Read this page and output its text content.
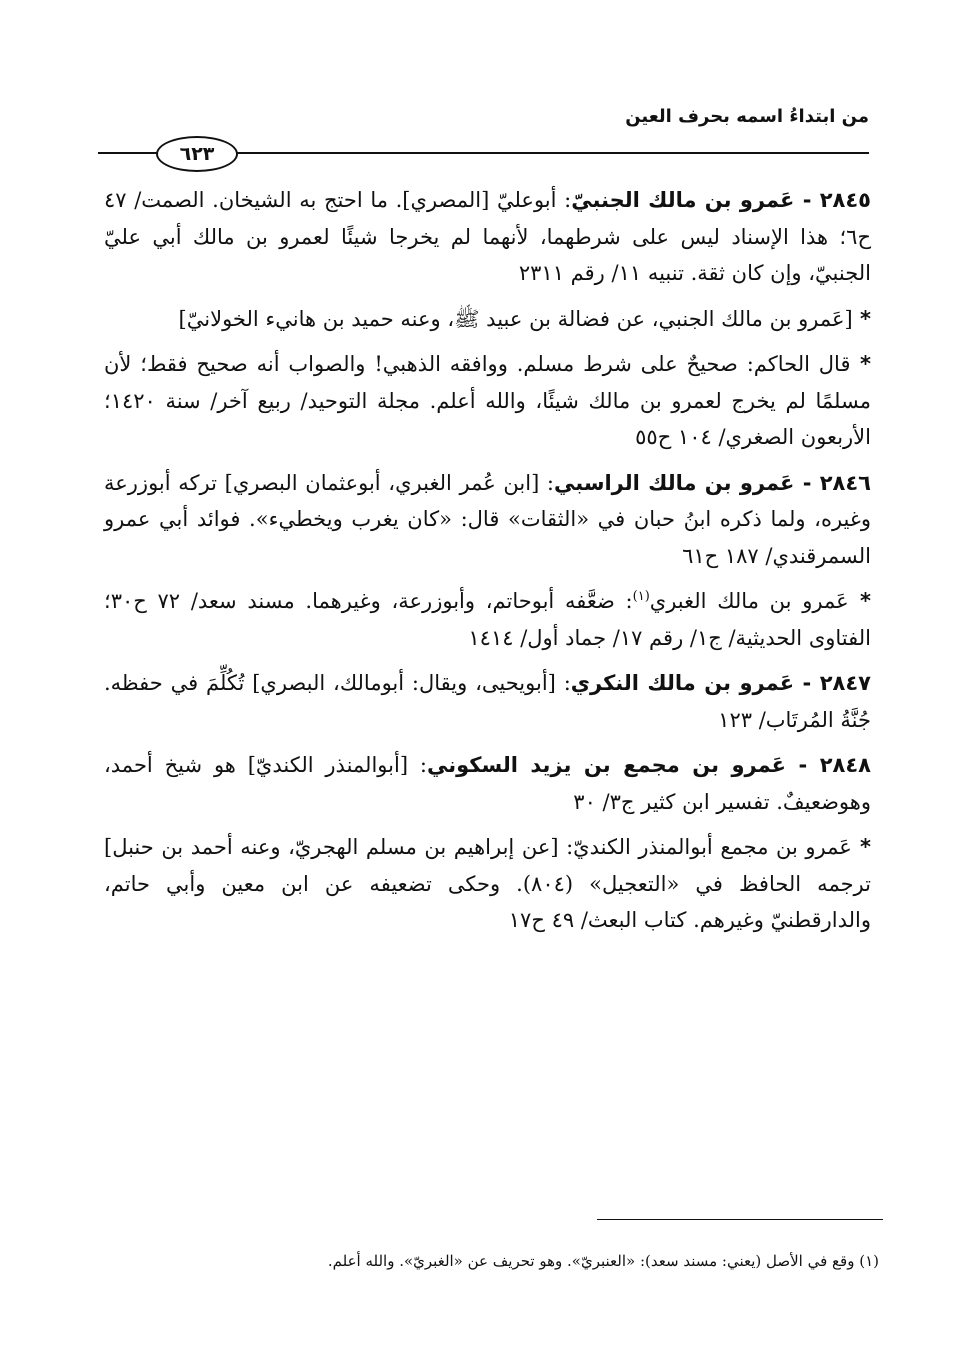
من ابتداءُ اسمه بحرف العين
٦٢٣

٢٨٤٥ - عَمرو بن مالك الجنبيّ: أبوعليّ [المصري]. ما احتج به الشيخان. الصمت/ ٤٧ ح٦؛ هذا الإسناد ليس على شرطهما، لأنهما لم يخرجا شيئًا لعمرو بن مالك أبي عليّ الجنبيّ، وإن كان ثقة. تنبيه ١١/ رقم ٢٣١١

* [عَمرو بن مالك الجنبي، عن فضالة بن عبيد ﷺ، وعنه حميد بن هانيء الخولانيّ]

* قال الحاكم: صحيحٌ على شرط مسلم. ووافقه الذهبي! والصواب أنه صحيح فقط؛ لأن مسلمًا لم يخرج لعمرو بن مالك شيئًا، والله أعلم. مجلة التوحيد/ ربيع آخر/ سنة ١٤٢٠؛ الأربعون الصغري/ ١٠٤ ح٥٥

٢٨٤٦ - عَمرو بن مالك الراسبي: [ابن عُمر الغبري، أبوعثمان البصري] تركه أبوزرعة وغيره، ولما ذكره ابنُ حبان في «الثقات» قال: «كان يغرب ويخطيء». فوائد أبي عمرو السمرقندي/ ١٨٧ ح٦١

* عَمرو بن مالك الغبري$^{(١)}$: ضعَّفه أبوحاتم، وأبوزرعة، وغيرهما. مسند سعد/ ٧٢ ح٣٠؛ الفتاوى الحديثية/ ج١/ رقم ١٧/ جماد أول/ ١٤١٤

٢٨٤٧ - عَمرو بن مالك النكري: [أبويحيى، ويقال: أبومالك، البصري] تُكُلِّمَ في حفظه. جُنَّةُ المُرتَاب/ ١٢٣

٢٨٤٨ - عَمرو بن مجمع بن يزيد السكوني: [أبوالمنذر الكنديّ] هو شيخ أحمد، وهوضعيفٌ. تفسير ابن كثير ج٣/ ٣٠

* عَمرو بن مجمع أبوالمنذر الكنديّ: [عن إبراهيم بن مسلم الهجريّ، وعنه أحمد بن حنبل] ترجمه الحافظ في «التعجيل» (٨٠٤). وحكى تضعيفه عن ابن معين وأبي حاتم، والدارقطنيّ وغيرهم. كتاب البعث/ ٤٩ ح١٧

(١) وقع في الأصل (يعني: مسند سعد): «العنبريّ». وهو تحريف عن «الغبريّ». والله أعلم.
